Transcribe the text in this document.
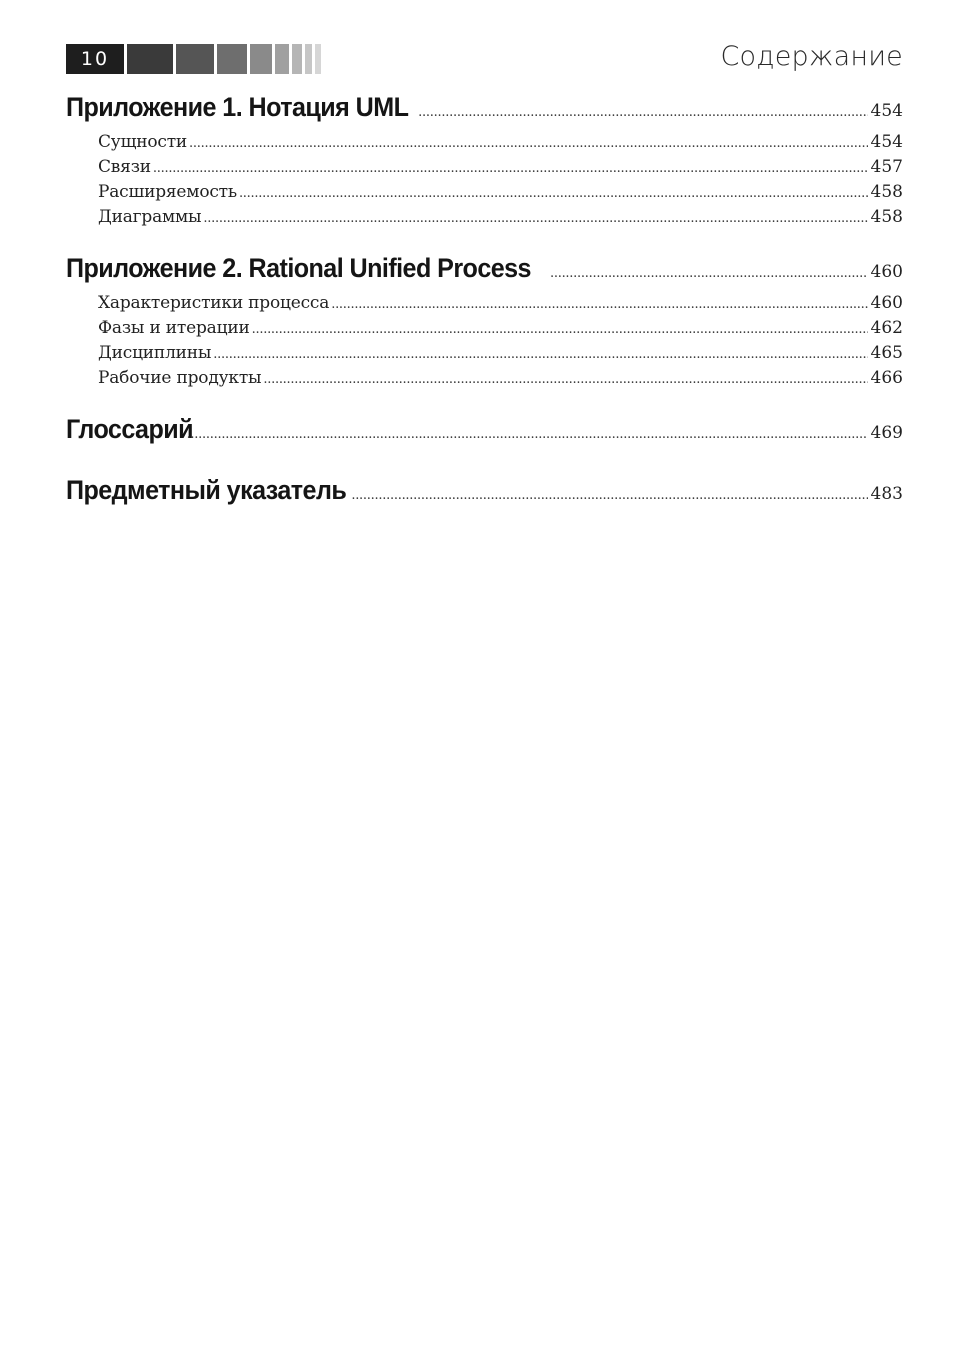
10	Содержание
Приложение 1. Нотация UML . . .	454
Сущности . . .	454
Связи . . .	457
Расширяемость . . .	458
Диаграммы . . .	458
Приложение 2. Rational Unified Process . . .	460
Характеристики процесса . . .	460
Фазы и итерации . . .	462
Дисциплины . . .	465
Рабочие продукты . . .	466
Глоссарий . . .	469
Предметный указатель . . .	483
